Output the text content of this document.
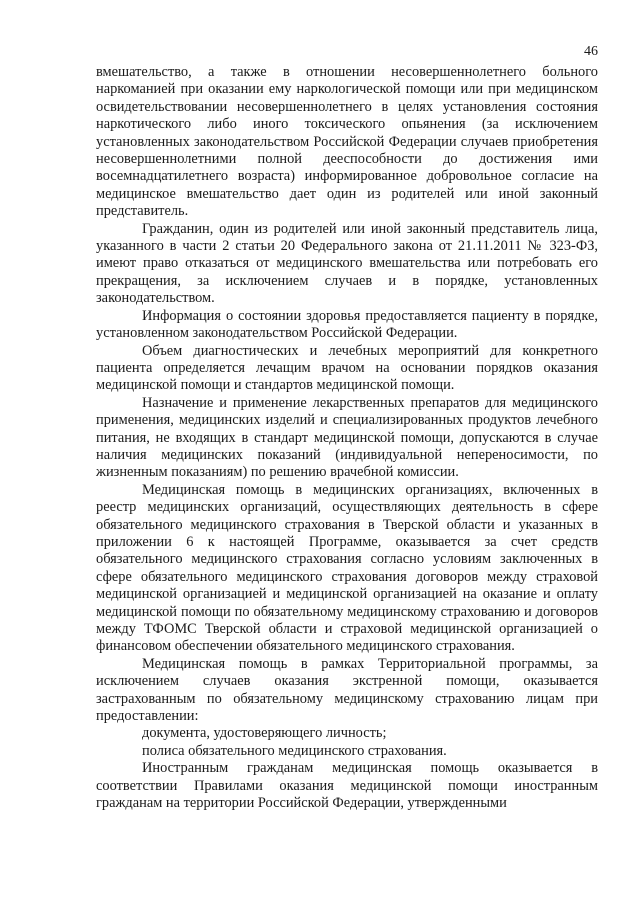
46

вмешательство, а также в отношении несовершеннолетнего больного наркоманией при оказании ему наркологической помощи или при медицинском освидетельствовании несовершеннолетнего в целях установления состояния наркотического либо иного токсического опьянения (за исключением установленных законодательством Российской Федерации случаев приобретения несовершеннолетними полной дееспособности до достижения ими восемнадцатилетнего возраста) информированное добровольное согласие на медицинское вмешательство дает один из родителей или иной законный представитель.

Гражданин, один из родителей или иной законный представитель лица, указанного в части 2 статьи 20 Федерального закона от 21.11.2011 № 323-ФЗ, имеют право отказаться от медицинского вмешательства или потребовать его прекращения, за исключением случаев и в порядке, установленных законодательством.

Информация о состоянии здоровья предоставляется пациенту в порядке, установленном законодательством Российской Федерации.

Объем диагностических и лечебных мероприятий для конкретного пациента определяется лечащим врачом на основании порядков оказания медицинской помощи и стандартов медицинской помощи.

Назначение и применение лекарственных препаратов для медицинского применения, медицинских изделий и специализированных продуктов лечебного питания, не входящих в стандарт медицинской помощи, допускаются в случае наличия медицинских показаний (индивидуальной непереносимости, по жизненным показаниям) по решению врачебной комиссии.

Медицинская помощь в медицинских организациях, включенных в реестр медицинских организаций, осуществляющих деятельность в сфере обязательного медицинского страхования в Тверской области и указанных в приложении 6 к настоящей Программе, оказывается за счет средств обязательного медицинского страхования согласно условиям заключенных в сфере обязательного медицинского страхования договоров между страховой медицинской организацией и медицинской организацией на оказание и оплату медицинской помощи по обязательному медицинскому страхованию и договоров между ТФОМС Тверской области и страховой медицинской организацией о финансовом обеспечении обязательного медицинского страхования.

Медицинская помощь в рамках Территориальной программы, за исключением случаев оказания экстренной помощи, оказывается застрахованным по обязательному медицинскому страхованию лицам при предоставлении:

документа, удостоверяющего личность;

полиса обязательного медицинского страхования.

Иностранным гражданам медицинская помощь оказывается в соответствии Правилами оказания медицинской помощи иностранным гражданам на территории Российской Федерации, утвержденными
